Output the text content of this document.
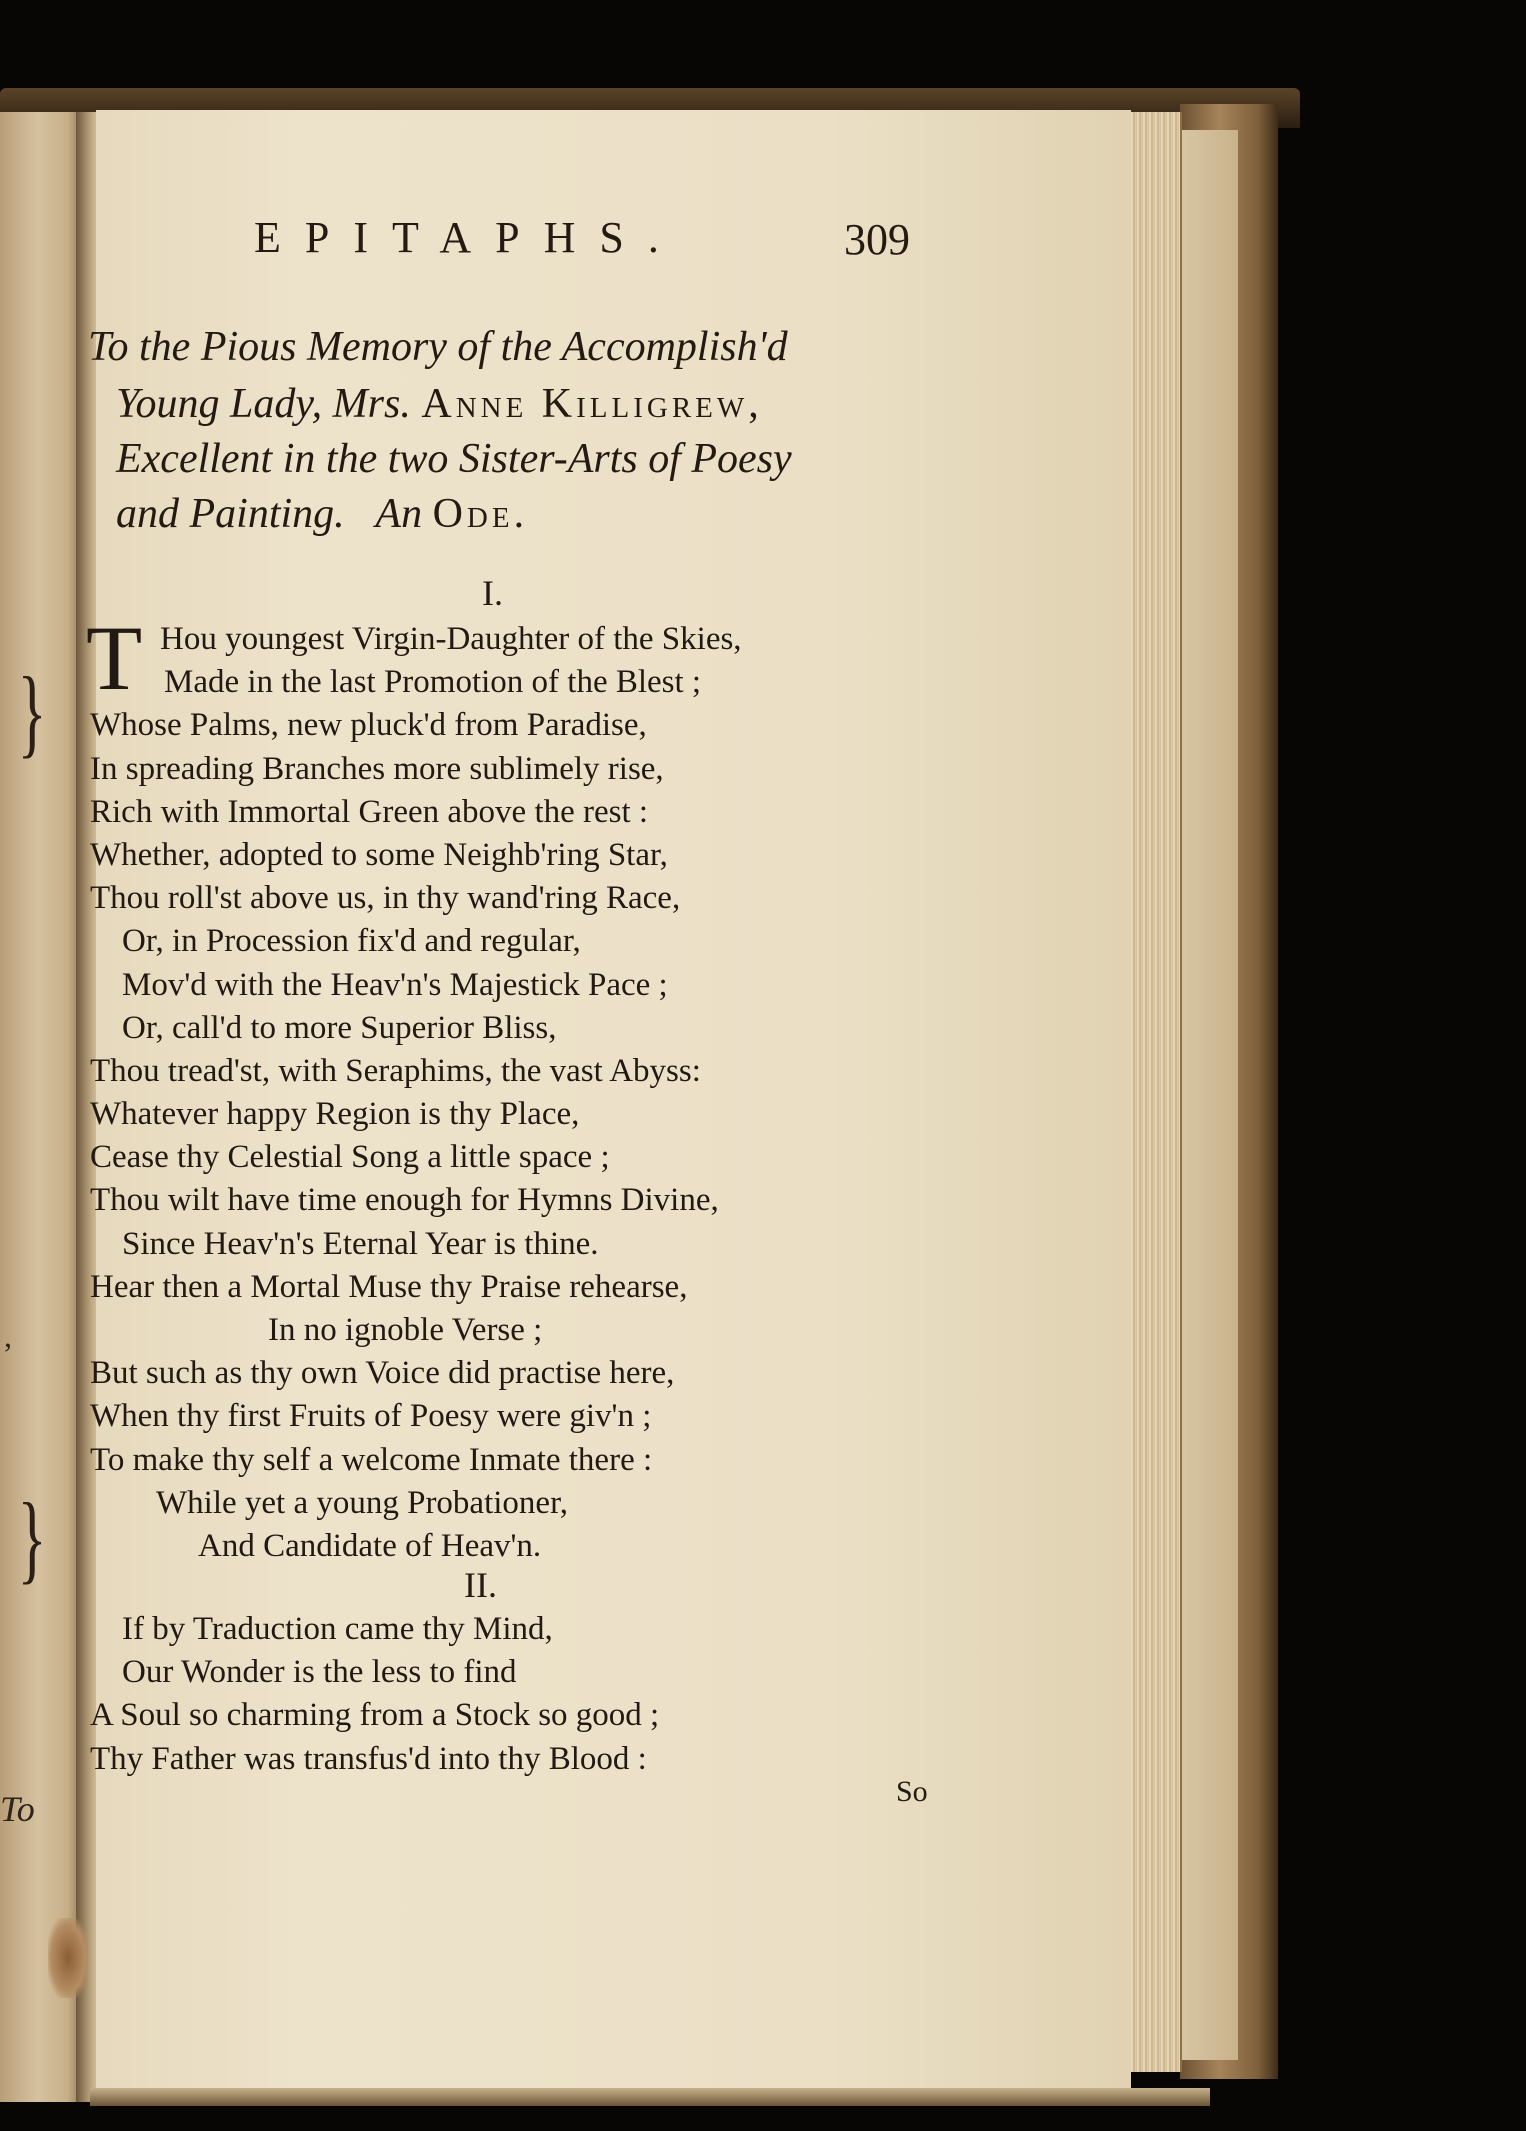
}
}
,
To
EPITAPHS.	309
To the Pious Memory of the Accomplish'd
Young Lady, Mrs. Anne Killigrew,
Excellent in the two Sister-Arts of Poesy
and Painting. An Ode.
I.
T Hou youngest Virgin-Daughter of the Skies,
Made in the last Promotion of the Blest ;
Whose Palms, new pluck'd from Paradise,
In spreading Branches more sublimely rise,
Rich with Immortal Green above the rest :
Whether, adopted to some Neighb'ring Star,
Thou roll'st above us, in thy wand'ring Race,
Or, in Procession fix'd and regular,
Mov'd with the Heav'n's Majestick Pace ;
Or, call'd to more Superior Bliss,
Thou tread'st, with Seraphims, the vast Abyss:
Whatever happy Region is thy Place,
Cease thy Celestial Song a little space ;
Thou wilt have time enough for Hymns Divine,
Since Heav'n's Eternal Year is thine.
Hear then a Mortal Muse thy Praise rehearse,
In no ignoble Verse ;
But such as thy own Voice did practise here,
When thy first Fruits of Poesy were giv'n ;
To make thy self a welcome Inmate there :
While yet a young Probationer,
And Candidate of Heav'n.
II.
If by Traduction came thy Mind,
Our Wonder is the less to find
A Soul so charming from a Stock so good ;
Thy Father was transfus'd into thy Blood :
So
